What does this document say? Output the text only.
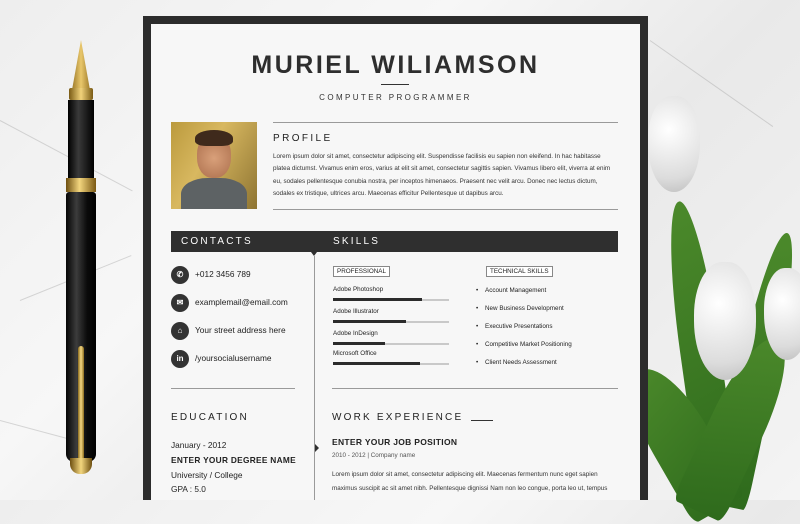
MURIEL WILIAMSON
COMPUTER PROGRAMMER
PROFILE
Lorem ipsum dolor sit amet, consectetur adipiscing elit. Suspendisse facilisis eu sapien non eleifend. In hac habitasse platea dictumst. Vivamus enim eros, varius at elit sit amet, consectetur sagittis sapien. Vivamus libero elit, viverra at enim eu, sodales pellentesque conubia nostra, per inceptos himenaeos. Praesent nec velit arcu. Donec nec lectus dictum, sodales ex tristique, ultrices arcu. Maecenas efficitur Pellentesque ut dapibus arcu.
CONTACTS	SKILLS
✆	+012 3456 789
✉	examplemail@email.com
⌂	Your street address here
in	/yoursocialusername
PROFESSIONAL
Adobe Photoshop
Adobe Illustrator
Adobe InDesign
Microsoft Office
TECHNICAL SKILLS
• Account Management
• New Business Development
• Executive Presentations
• Competitive Market Positioning
• Client Needs Assessment
EDUCATION
January - 2012
ENTER YOUR DEGREE NAME
University / College
GPA : 5.0
WORK EXPERIENCE
ENTER YOUR JOB POSITION
2010 - 2012 | Company name
Lorem ipsum dolor sit amet, consectetur adipiscing elit. Maecenas fermentum nunc eget sapien maximus suscipit ac sit amet nibh. Pellentesque dignissi Nam non leo congue, porta leo ut, tempus
